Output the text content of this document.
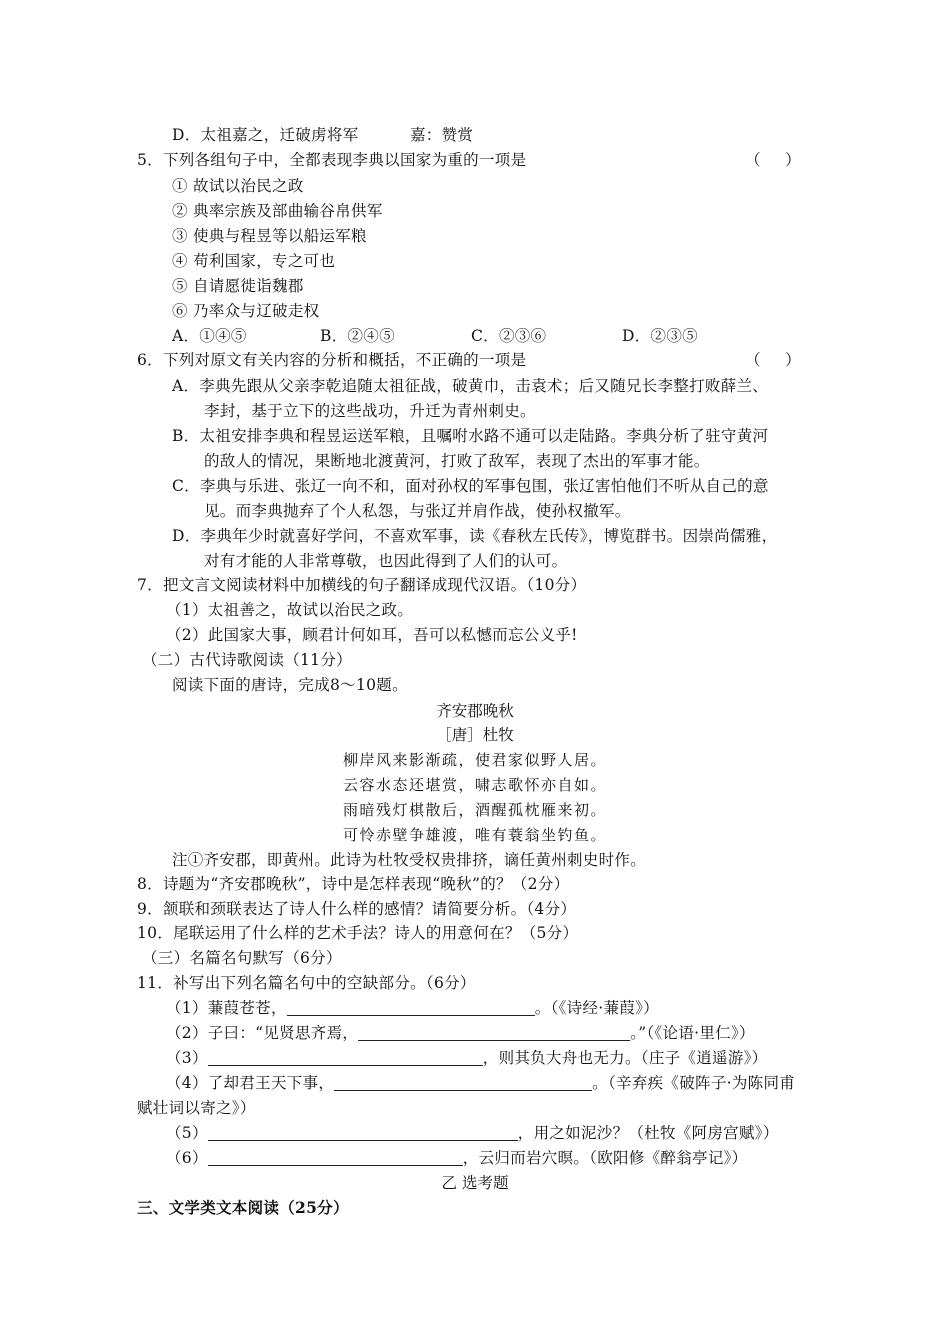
D．太祖嘉之，迁破虏将军	嘉：赞赏
5．下列各组句子中，全都表现李典以国家为重的一项是	（     ）
① 故试以治民之政
② 典率宗族及部曲输谷帛供军
③ 使典与程昱等以船运军粮
④ 苟利国家，专之可也
⑤ 自请愿徙诣魏郡
⑥ 乃率众与辽破走权
A．①④⑤	B．②④⑤	C．②③⑥	D．②③⑤
6．下列对原文有关内容的分析和概括，不正确的一项是	（     ）
A．李典先跟从父亲李乾追随太祖征战，破黄巾，击袁术；后又随兄长李整打败薛兰、
李封，基于立下的这些战功，升迁为青州刺史。
B．太祖安排李典和程昱运送军粮，且嘱咐水路不通可以走陆路。李典分析了驻守黄河
的敌人的情况，果断地北渡黄河，打败了敌军，表现了杰出的军事才能。
C．李典与乐进、张辽一向不和，面对孙权的军事包围，张辽害怕他们不听从自己的意
见。而李典抛弃了个人私怨，与张辽并肩作战，使孙权撤军。
D．李典年少时就喜好学问，不喜欢军事，读《春秋左氏传》，博览群书。因崇尚儒雅，
对有才能的人非常尊敬，也因此得到了人们的认可。
7．把文言文阅读材料中加横线的句子翻译成现代汉语。（10分）
（1）太祖善之，故试以治民之政。
（2）此国家大事，顾君计何如耳，吾可以私憾而忘公义乎!
（二）古代诗歌阅读（11分）
阅读下面的唐诗，完成8～10题。
齐安郡晚秋
［唐］杜牧
柳岸风来影渐疏，使君家似野人居。
云容水态还堪赏，啸志歌怀亦自如。
雨暗残灯棋散后，酒醒孤枕雁来初。
可怜赤壁争雄渡，唯有蓑翁坐钓鱼。
注①齐安郡，即黄州。此诗为杜牧受权贵排挤，谪任黄州刺史时作。
8．诗题为“齐安郡晚秋”，诗中是怎样表现“晚秋”的？（2分）
9．颔联和颈联表达了诗人什么样的感情？请简要分析。（4分）
10．尾联运用了什么样的艺术手法？诗人的用意何在？（5分）
（三）名篇名句默写（6分）
11．补写出下列名篇名句中的空缺部分。（6分）
（1）蒹葭苍苍，	。（《诗经·蒹葭》）
（2）子曰：“见贤思齐焉，	。”（《论语·里仁》）
（3）	，则其负大舟也无力。（庄子《逍遥游》）
（4）了却君王天下事，	。（辛弃疾《破阵子·为陈同甫
赋壮词以寄之》）
（5）	，用之如泥沙？（杜牧《阿房宫赋》）
（6）	，云归而岩穴暝。（欧阳修《醉翁亭记》）
乙 选考题
三、文学类文本阅读（25分）
